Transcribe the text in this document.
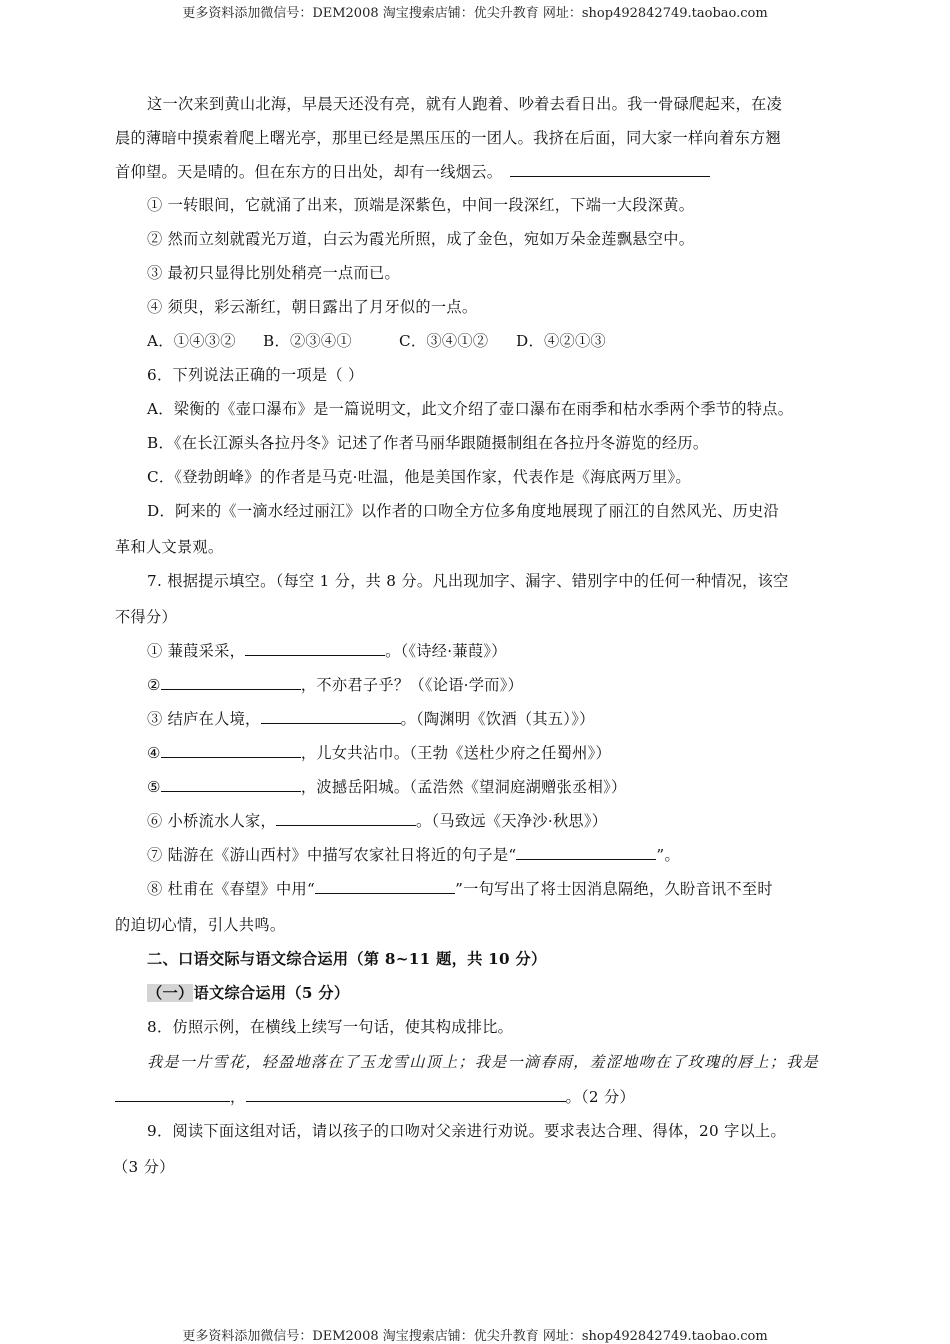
更多资料添加微信号：DEM2008 淘宝搜索店铺：优尖升教育 网址：shop492842749.taobao.com
这一次来到黄山北海，早晨天还没有亮，就有人跑着、吵着去看日出。我一骨碌爬起来，在凌
晨的薄暗中摸索着爬上曙光亭，那里已经是黑压压的一团人。我挤在后面，同大家一样向着东方翘
首仰望。天是晴的。但在东方的日出处，却有一线烟云。
① 一转眼间，它就涌了出来，顶端是深紫色，中间一段深红，下端一大段深黄。
② 然而立刻就霞光万道，白云为霞光所照，成了金色，宛如万朵金莲飘悬空中。
③ 最初只显得比别处稍亮一点而已。
④ 须臾，彩云渐红，朝日露出了月牙似的一点。
A．①④③② B．②③④①	C．③④①② D．④②①③
6．下列说法正确的一项是（ ）
A．梁衡的《壶口瀑布》是一篇说明文，此文介绍了壶口瀑布在雨季和枯水季两个季节的特点。
B．《在长江源头各拉丹冬》记述了作者马丽华跟随摄制组在各拉丹冬游览的经历。
C．《登勃朗峰》的作者是马克·吐温，他是美国作家，代表作是《海底两万里》。
D．阿来的《一滴水经过丽江》以作者的口吻全方位多角度地展现了丽江的自然风光、历史沿
革和人文景观。
7. 根据提示填空。（每空 1 分，共 8 分。凡出现加字、漏字、错别字中的任何一种情况，该空
不得分）
① 蒹葭采采，	。（《诗经·蒹葭》）
②	，不亦君子乎？（《论语·学而》）
③ 结庐在人境，	。（陶渊明《饮酒（其五）》）
④	，儿女共沾巾。（王勃《送杜少府之任蜀州》）
⑤	，波撼岳阳城。（孟浩然《望洞庭湖赠张丞相》）
⑥ 小桥流水人家，	。（马致远《天净沙·秋思》）
⑦ 陆游在《游山西村》中描写农家社日将近的句子是“	”。
⑧ 杜甫在《春望》中用“	”一句写出了将士因消息隔绝，久盼音讯不至时
的迫切心情，引人共鸣。
二、口语交际与语文综合运用（第 8~11 题，共 10 分）
（一）语文综合运用（5 分）
8．仿照示例，在横线上续写一句话，使其构成排比。
我是一片雪花，轻盈地落在了玉龙雪山顶上；我是一滴春雨，羞涩地吻在了玫瑰的唇上；我是
，	。（2 分）
9．阅读下面这组对话，请以孩子的口吻对父亲进行劝说。要求表达合理、得体，20 字以上。
（3 分）
更多资料添加微信号：DEM2008 淘宝搜索店铺：优尖升教育 网址：shop492842749.taobao.com
